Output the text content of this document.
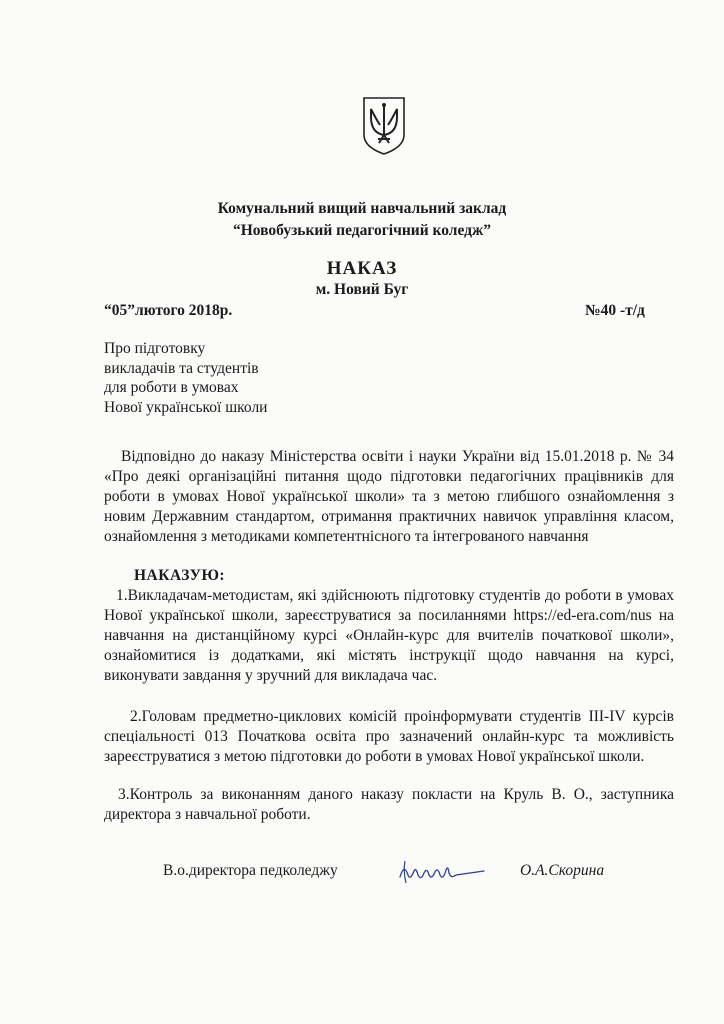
Комунальний вищий навчальний заклад
“Новобузький педагогічний коледж”
НАКАЗ
м. Новий Буг
“05”лютого 2018р.	№40 -т/д
Про підготовку
викладачів та студентів
для роботи в умовах
Нової української школи
Відповідно до наказу Міністерства освіти і науки України від 15.01.2018 р. № 34 «Про деякі організаційні питання щодо підготовки педагогічних працівників для роботи в умовах Нової української школи» та з метою глибшого ознайомлення з новим Державним стандартом, отримання практичних навичок управління класом, ознайомлення з методиками компетентнісного та інтегрованого навчання
НАКАЗУЮ:
1.Викладачам-методистам, які здійснюють підготовку студентів до роботи в умовах Нової української школи, зареєструватися за посиланнями https://ed-era.com/nus на навчання на дистанційному курсі «Онлайн-курс для вчителів початкової школи», ознайомитися із додатками, які містять інструкції щодо навчання на курсі, виконувати завдання у зручний для викладача час.
2.Головам предметно-циклових комісій проінформувати студентів III-IV курсів спеціальності 013 Початкова освіта про зазначений онлайн-курс та можливість зареєструватися з метою підготовки до роботи в умовах Нової української школи.
3.Контроль за виконанням даного наказу покласти на Круль В. О., заступника директора з навчальної роботи.
В.о.директора педколеджу	О.А.Скорина
